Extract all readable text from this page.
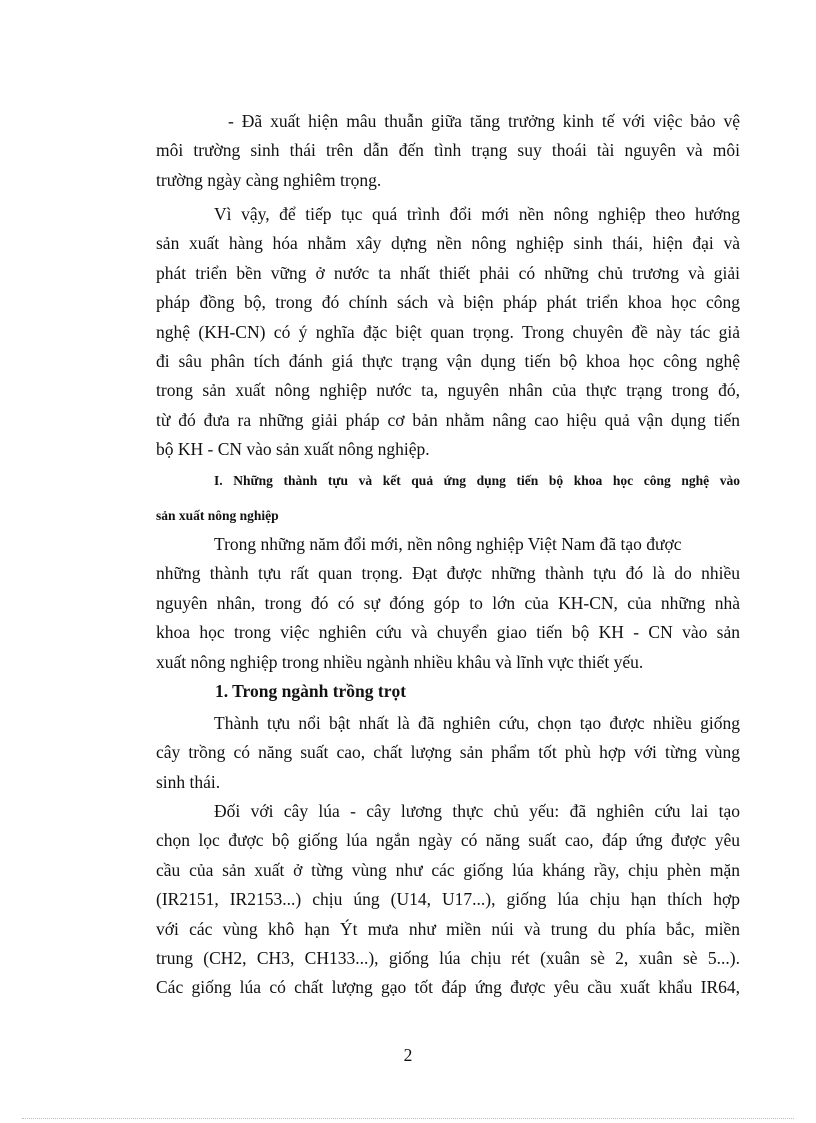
- Đã xuất hiện mâu thuẫn giữa tăng trưởng kinh tế với việc bảo vệ
môi trường sinh thái trên dẫn đến tình trạng suy thoái tài nguyên và môi
trường ngày càng nghiêm trọng.
Vì vậy, để tiếp tục quá trình đổi mới nền nông nghiệp theo hướng
sản xuất hàng hóa nhằm xây dựng nền nông nghiệp sinh thái, hiện đại và
phát triển bền vững ở nước ta nhất thiết phải có những chủ trương và giải
pháp đồng bộ, trong đó chính sách và biện pháp phát triển khoa học công
nghệ (KH-CN) có ý nghĩa đặc biệt quan trọng. Trong chuyên đề này tác giả
đi sâu phân tích đánh giá thực trạng vận dụng tiến bộ khoa học công nghệ
trong sản xuất nông nghiệp nước ta, nguyên nhân của thực trạng trong đó,
từ đó đưa ra những giải pháp cơ bản nhằm nâng cao hiệu quả vận dụng tiến
bộ KH - CN vào sản xuất nông nghiệp.
I. Những thành tựu và kết quả ứng dụng tiến bộ khoa học công nghệ vào
sản xuất nông nghiệp
Trong những năm đổi mới, nền nông nghiệp Việt Nam đã tạo được
những thành tựu rất quan trọng. Đạt được những thành tựu đó là do nhiều
nguyên nhân, trong đó có sự đóng góp to lớn của KH-CN, của những nhà
khoa học trong việc nghiên cứu và chuyển giao tiến bộ KH - CN vào sản
xuất nông nghiệp trong nhiều ngành nhiều khâu và lĩnh vực thiết yếu.
1. Trong ngành trồng trọt
Thành tựu nổi bật nhất là đã nghiên cứu, chọn tạo được nhiều giống
cây trồng có năng suất cao, chất lượng sản phẩm tốt phù hợp với từng vùng
sinh thái.
Đối với cây lúa - cây lương thực chủ yếu: đã nghiên cứu lai tạo
chọn lọc được bộ giống lúa ngắn ngày có năng suất cao, đáp ứng được yêu
cầu của sản xuất ở từng vùng như các giống lúa kháng rầy, chịu phèn mặn
(IR2151, IR2153...) chịu úng (U14, U17...), giống lúa chịu hạn thích hợp
với các vùng khô hạn Ýt mưa như miền núi và trung du phía bắc, miền
trung (CH2, CH3, CH133...), giống lúa chịu rét (xuân sè 2, xuân sè 5...).
Các giống lúa có chất lượng gạo tốt đáp ứng được yêu cầu xuất khẩu IR64,
2
